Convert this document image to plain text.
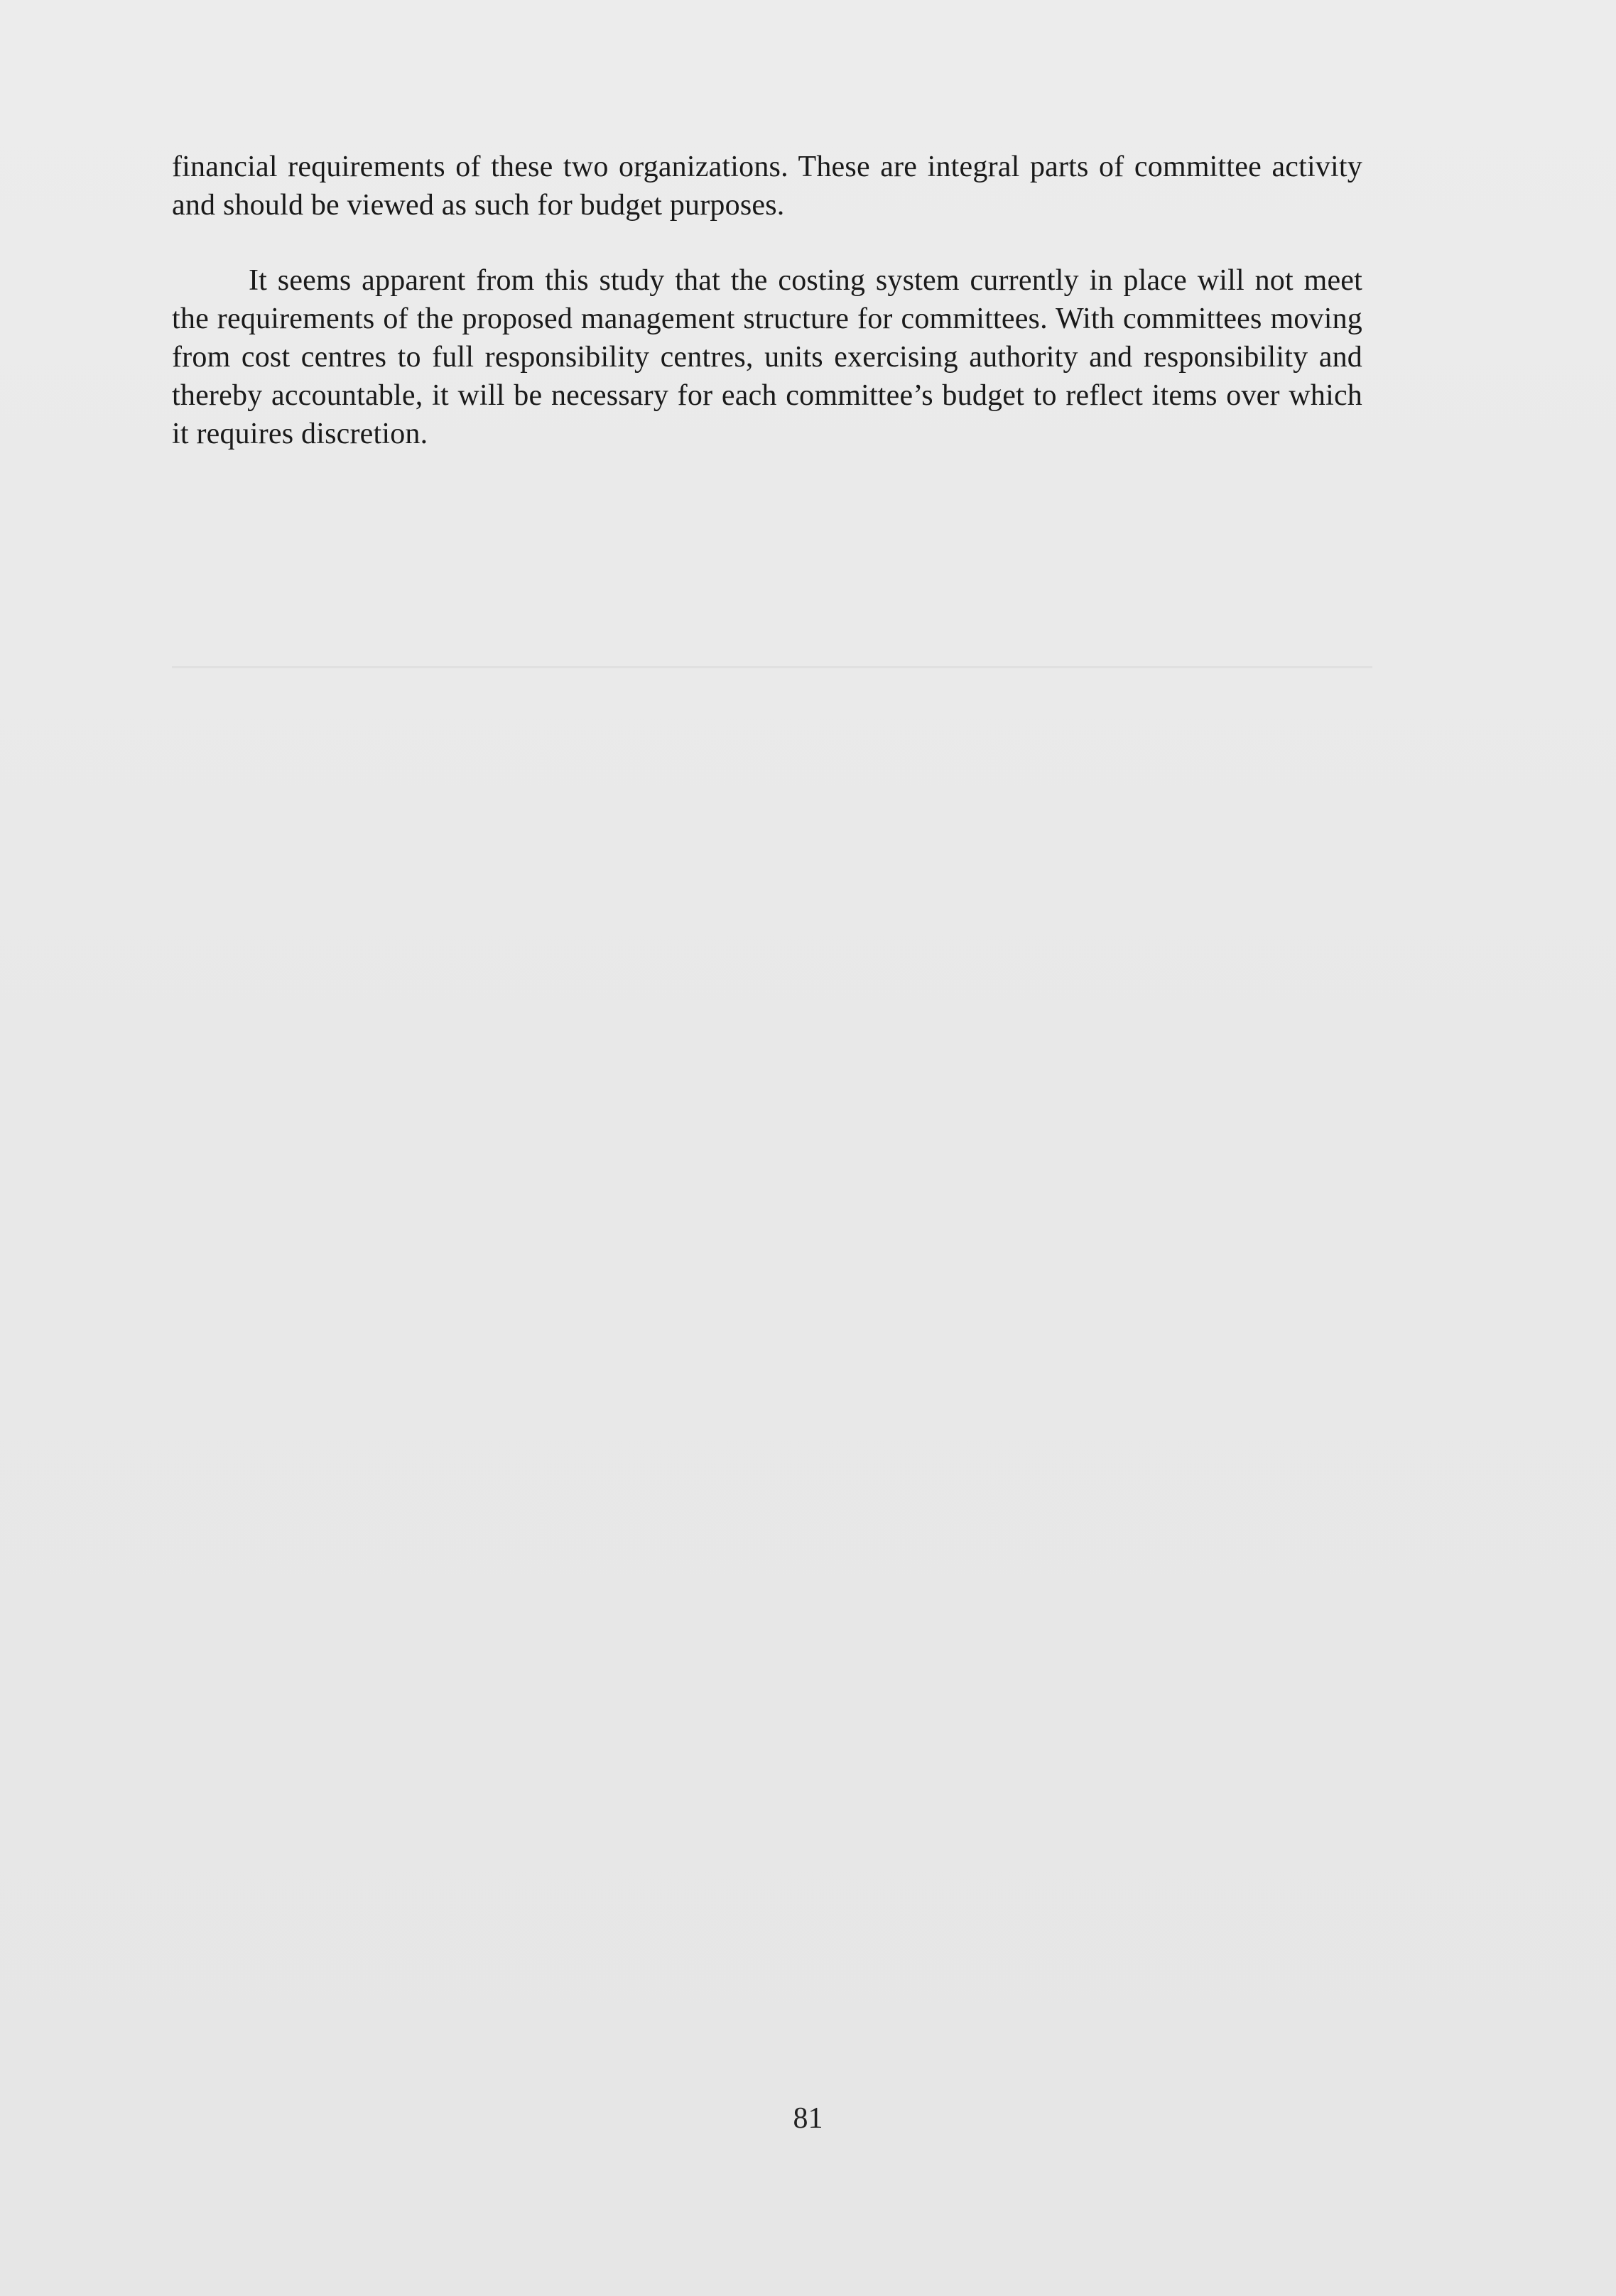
financial requirements of these two organizations. These are integral parts of committee activity and should be viewed as such for budget purposes.

It seems apparent from this study that the costing system currently in place will not meet the requirements of the proposed management structure for committees. With committees moving from cost centres to full responsibility centres, units exercising authority and responsibility and thereby accountable, it will be necessary for each committee’s budget to reflect items over which it requires discretion.

81
